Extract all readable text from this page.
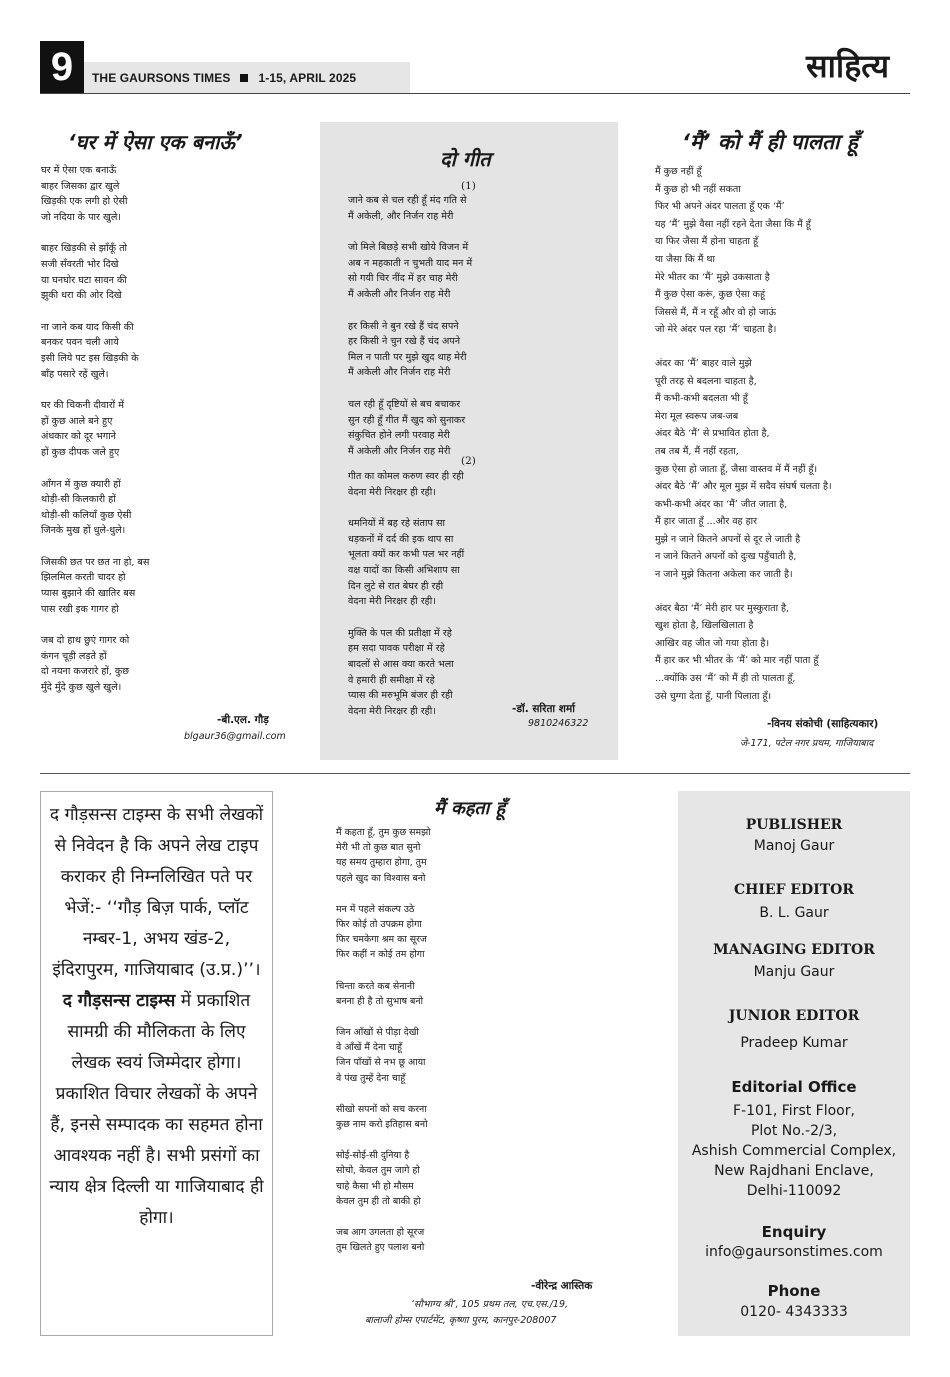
9	THE GAURSONS TIMES 1-15, APRIL 2025	साहित्य
‘घर में ऐसा एक बनाऊँ’

घर में ऐसा एक बनाऊँ
बाहर जिसका द्वार खुले
खिड़की एक लगी हो ऐसी
जो नदिया के पार खुले।

बाहर खिड़की से झाँकूँ तो
सजी सँवरती भोर दिखे
या घनघोर घटा सावन की
झुकी धरा की ओर दिखे

ना जाने कब याद किसी की
बनकर पवन चली आये
इसी लिये पट इस खिड़की के
बाँह पसारे रहें खुले।

घर की चिकनी दीवारों में
हों कुछ आले बने हुए
अंधकार को दूर भगाने
हों कुछ दीपक जले हुए

आँगन में कुछ क्यारी हों
थोड़ी-सी किलकारी हों
थोड़ी-सी कलियाँ कुछ ऐसी
जिनके मुख हों धुले-धुले।

जिसकी छत पर छत ना हो, बस
झिलमिल करती चादर हो
प्यास बुझाने की खातिर बस
पास रखी इक गागर हो

जब दो हाथ छुएं गागर को
कंगन चूड़ी लड़ते हों
दो नयना कजरारे हों, कुछ
मुँदे मुँदे कुछ खुले खुले।

-बी.एल. गौड़
blgaur36@gmail.com
दो गीत
(1)

जाने कब से चल रही हूँ मंद गति से
मैं अकेली, और निर्जन राह मेरी

जो मिले बिछड़े सभी खोये विजन में
अब न महकाती न चुभती याद मन में
सो गयी चिर नींद में हर चाह मेरी
मैं अकेली और निर्जन राह मेरी

हर किसी ने बुन रखे हैं चंद सपने
हर किसी ने चुन रखे हैं चंद अपने
मिल न पाती पर मुझे खुद थाह मेरी
मैं अकेली और निर्जन राह मेरी

चल रही हूँ दृष्टियों से बच बचाकर
सुन रही हूँ गीत मैं खुद को सुनाकर
संकुचित होने लगी परवाह मेरी
मैं अकेली और निर्जन राह मेरी

(2)

गीत का कोमल करुण स्वर ही रही
वेदना मेरी निरक्षर ही रही।

धमनियों में बह रहे संताप सा
धड़कनों में दर्द की इक थाप सा
भूलता क्यों कर कभी पल भर नहीं
वक्ष यादों का किसी अभिशाप सा
दिन लुटे से रात बेघर ही रही
वेदना मेरी निरक्षर ही रही।

मुक्ति के पल की प्रतीक्षा में रहे
हम सदा पावक परीक्षा में रहे
बादलों से आस क्या करते भला
वे हमारी ही समीक्षा में रहे
प्यास की मरुभूमि बंजर ही रही
वेदना मेरी निरक्षर ही रही।	-डॉ. सरिता शर्मा
9810246322
‘मैं’ को मैं ही पालता हूँ

मैं कुछ नहीं हूँ
मैं कुछ हो भी नहीं सकता
फिर भी अपने अंदर पालता हूँ एक ‘मैं’
यह ‘मैं’ मुझे वैसा नहीं रहने देता जैसा कि मैं हूँ
या फिर जैसा मैं होना चाहता हूँ
या जैसा कि मैं था
मेरे भीतर का ‘मैं’ मुझे उकसाता है
मैं कुछ ऐसा करूं, कुछ ऐसा कहूं
जिससे मैं, मैं न रहूँ और वो हो जाऊं
जो मेरे अंदर पल रहा ‘मैं’ चाहता है।

अंदर का ‘मैं’ बाहर वाले मुझे
पूरी तरह से बदलना चाहता है,
मैं कभी-कभी बदलता भी हूँ
मेरा मूल स्वरूप जब-जब
अंदर बैठे ‘मैं’ से प्रभावित होता है,
तब तब मैं, मैं नहीं रहता,
कुछ ऐसा हो जाता हूँ, जैसा वास्तव में मैं नहीं हूँ।
अंदर बैठे ‘मैं’ और मूल मुझ में सदैव संघर्ष चलता है।
कभी-कभी अंदर का ‘मैं’ जीत जाता है,
मैं हार जाता हूँ ...और वह हार
मुझे न जाने कितने अपनों से दूर ले जाती है
न जाने कितने अपनों को दुःख पहुँचाती है,
न जाने मुझे कितना अकेला कर जाती है।

अंदर बैठा ‘मैं’ मेरी हार पर मुस्कुराता है,
खुश होता है, खिलखिलाता है
आखिर वह जीत जो गया होता है।
मैं हार कर भी भीतर के ‘मैं’ को मार नहीं पाता हूँ
...क्योंकि उस ‘मैं’ को मैं ही तो पालता हूँ,
उसे चुग्गा देता हूँ, पानी पिलाता हूँ।

-विनय संकोची (साहित्यकार)
जे-171, पटेल नगर प्रथम, गाजियाबाद
द गौड़सन्स टाइम्स के सभी लेखकों से निवेदन है कि अपने लेख टाइप कराकर ही निम्नलिखित पते पर भेजें:- ‘‘गौड़ बिज़ पार्क, प्लॉट नम्बर-1, अभय खंड-2, इंदिरापुरम, गाजियाबाद (उ.प्र.)’’। द गौड़सन्स टाइम्स में प्रकाशित सामग्री की मौलिकता के लिए लेखक स्वयं जिम्मेदार होगा। प्रकाशित विचार लेखकों के अपने हैं, इनसे सम्पादक का सहमत होना आवश्यक नहीं है। सभी प्रसंगों का न्याय क्षेत्र दिल्ली या गाजियाबाद ही होगा।
मैं कहता हूँ

मैं कहता हूँ, तुम कुछ समझो
मेरी भी तो कुछ बात सुनो
यह समय तुम्हारा होगा, तुम
पहले खुद का विश्वास बनो

मन में पहले संकल्प उठे
फिर कोई तो उपक्रम होगा
फिर चमकेगा श्रम का सूरज
फिर कहीं न कोई तम होगा

चिन्ता करते कब सेनानी
बनना ही है तो सुभाष बनो

जिन आँखों से पीड़ा देखी
वे आँखें मैं देना चाहूँ
जिन पाँखों से नभ छू आया
वे पंख तुम्हें देना चाहूँ

सीखो सपनों को सच करना
कुछ नाम करो इतिहास बनो

सोई-सोई-सी दुनिया है
सोचो, केवल तुम जागे हो
चाहे कैसा भी हो मौसम
केवल तुम ही तो बाकी हो

जब आग उगलता हो सूरज
तुम खिलते हुए पलाश बनो

-वीरेन्द्र आस्तिक
‘सौभाग्य श्री’, 105 प्रथम तल, एच.एस./19,
बालाजी होम्स एपार्टमेंट, कृष्णा पुरम, कानपुर-208007
PUBLISHER
Manoj Gaur
CHIEF EDITOR
B. L. Gaur
MANAGING EDITOR
Manju Gaur
JUNIOR EDITOR
Pradeep Kumar
Editorial Office
F-101, First Floor,
Plot No.-2/3,
Ashish Commercial Complex,
New Rajdhani Enclave,
Delhi-110092
Enquiry
info@gaursonstimes.com
Phone
0120- 4343333
